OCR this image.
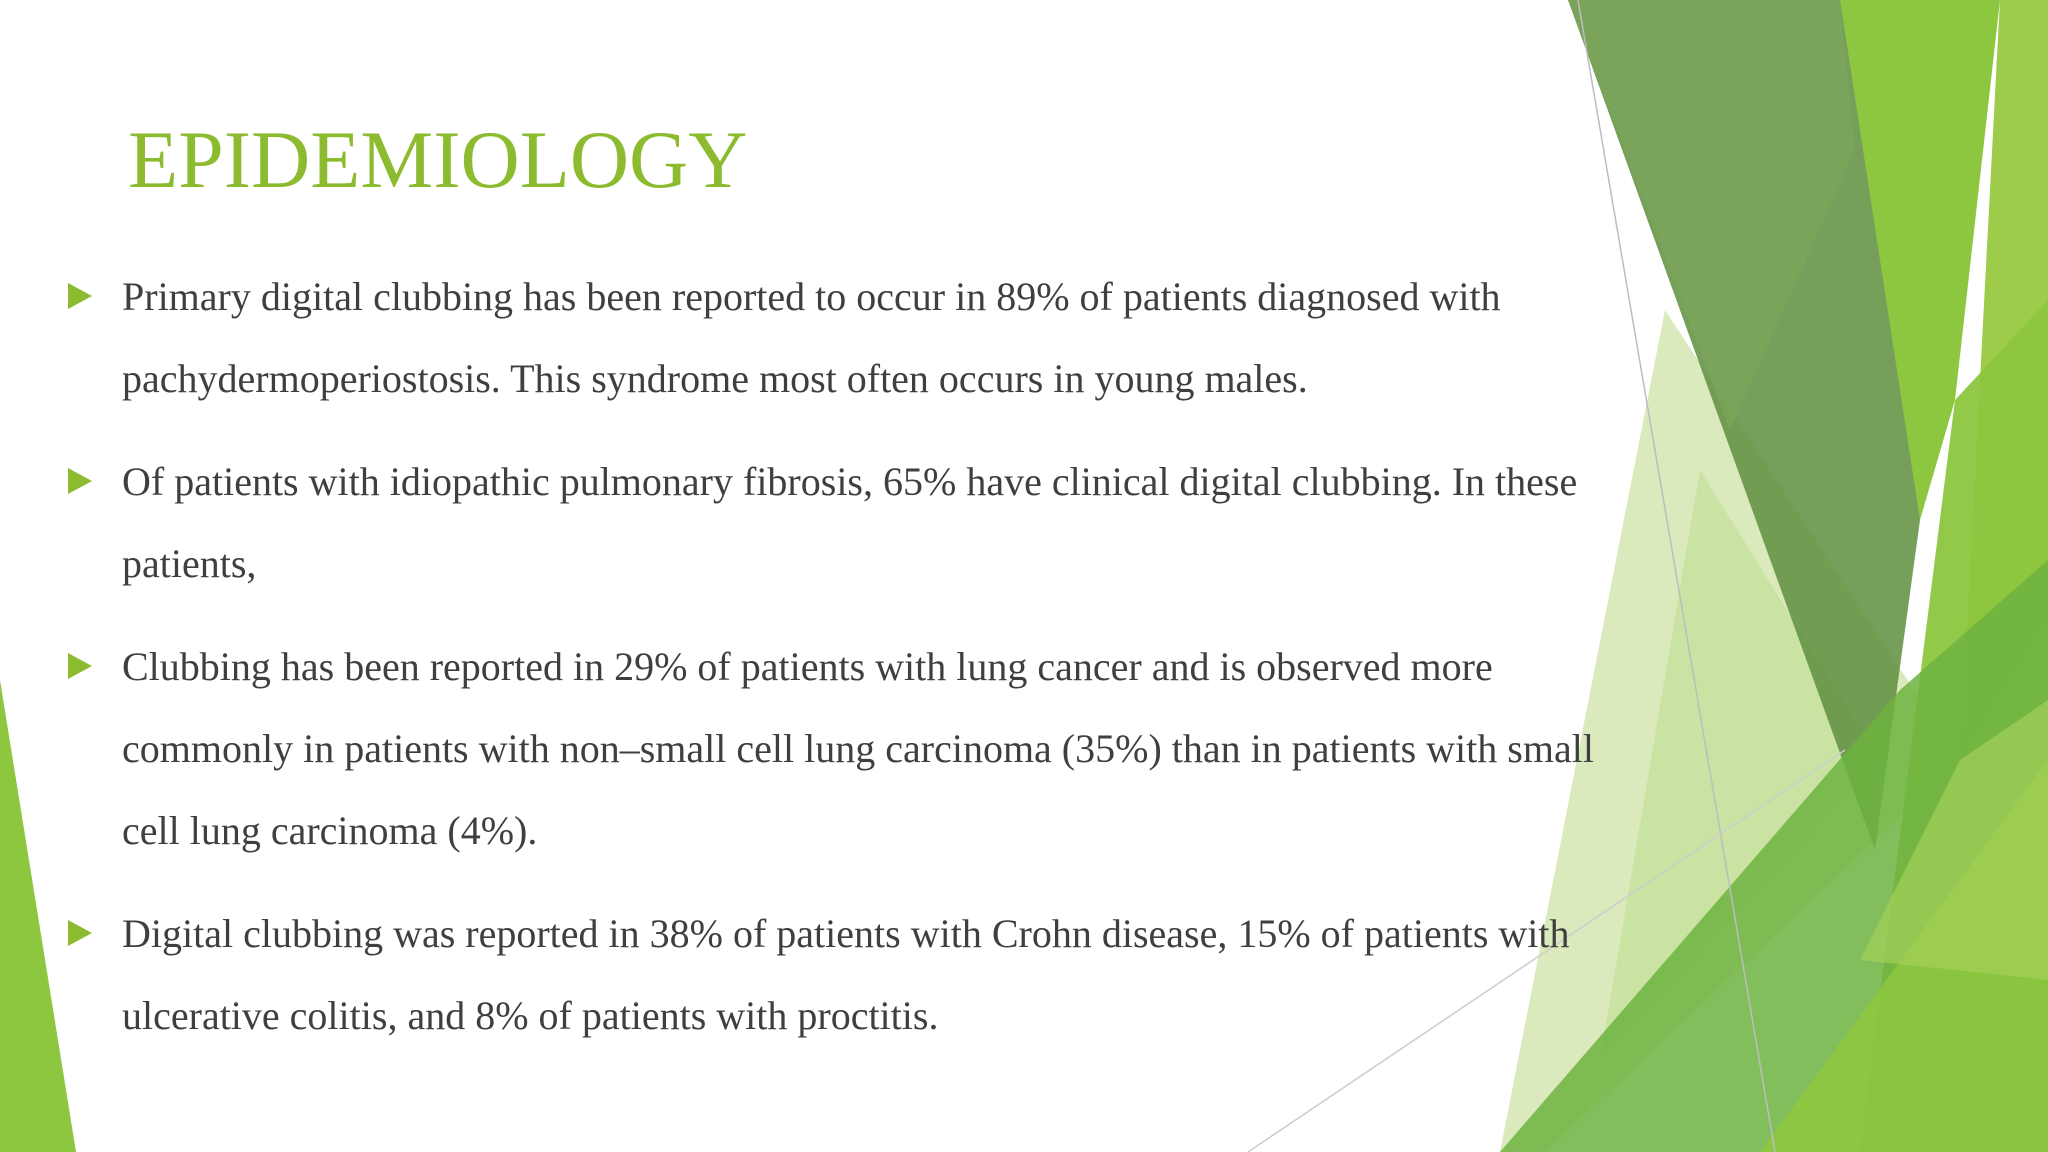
EPIDEMIOLOGY
Primary digital clubbing has been reported to occur in 89% of patients diagnosed with
pachydermoperiostosis. This syndrome most often occurs in young males.
Of patients with idiopathic pulmonary fibrosis, 65% have clinical digital clubbing. In these
patients,
Clubbing has been reported in 29% of patients with lung cancer and is observed more
commonly in patients with non–small cell lung carcinoma (35%) than in patients with small
cell lung carcinoma (4%).
Digital clubbing was reported in 38% of patients with Crohn disease, 15% of patients with
ulcerative colitis, and 8% of patients with proctitis.
